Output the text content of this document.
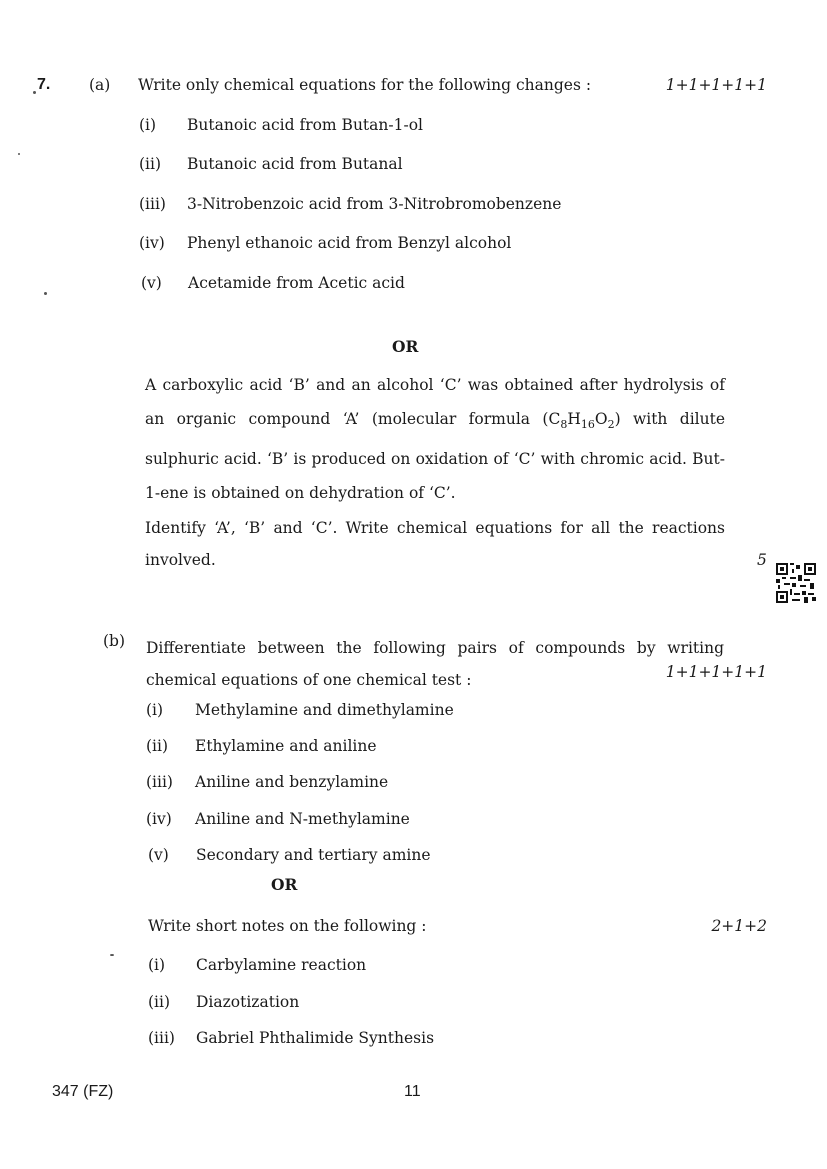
7. (a) Write only chemical equations for the following changes :	1+1+1+1+1
(i) Butanoic acid from Butan-1-ol
(ii) Butanoic acid from Butanal
(iii) 3-Nitrobenzoic acid from 3-Nitrobromobenzene
(iv) Phenyl ethanoic acid from Benzyl alcohol
(v) Acetamide from Acetic acid
OR
A carboxylic acid ‘B’ and an alcohol ‘C’ was obtained after hydrolysis of an organic compound ‘A’ (molecular formula $(C_8H_{16}O_2)$ with dilute sulphuric acid. ‘B’ is produced on oxidation of ‘C’ with chromic acid. But-1-ene is obtained on dehydration of ‘C’.
Identify ‘A’, ‘B’ and ‘C’. Write chemical equations for all the reactions involved.	5
(b) Differentiate between the following pairs of compounds by writing chemical equations of one chemical test :	1+1+1+1+1
(i) Methylamine and dimethylamine
(ii) Ethylamine and aniline
(iii) Aniline and benzylamine
(iv) Aniline and N-methylamine
(v) Secondary and tertiary amine
OR
Write short notes on the following :	2+1+2
(i) Carbylamine reaction
(ii) Diazotization
(iii) Gabriel Phthalimide Synthesis
347 (FZ)	11
